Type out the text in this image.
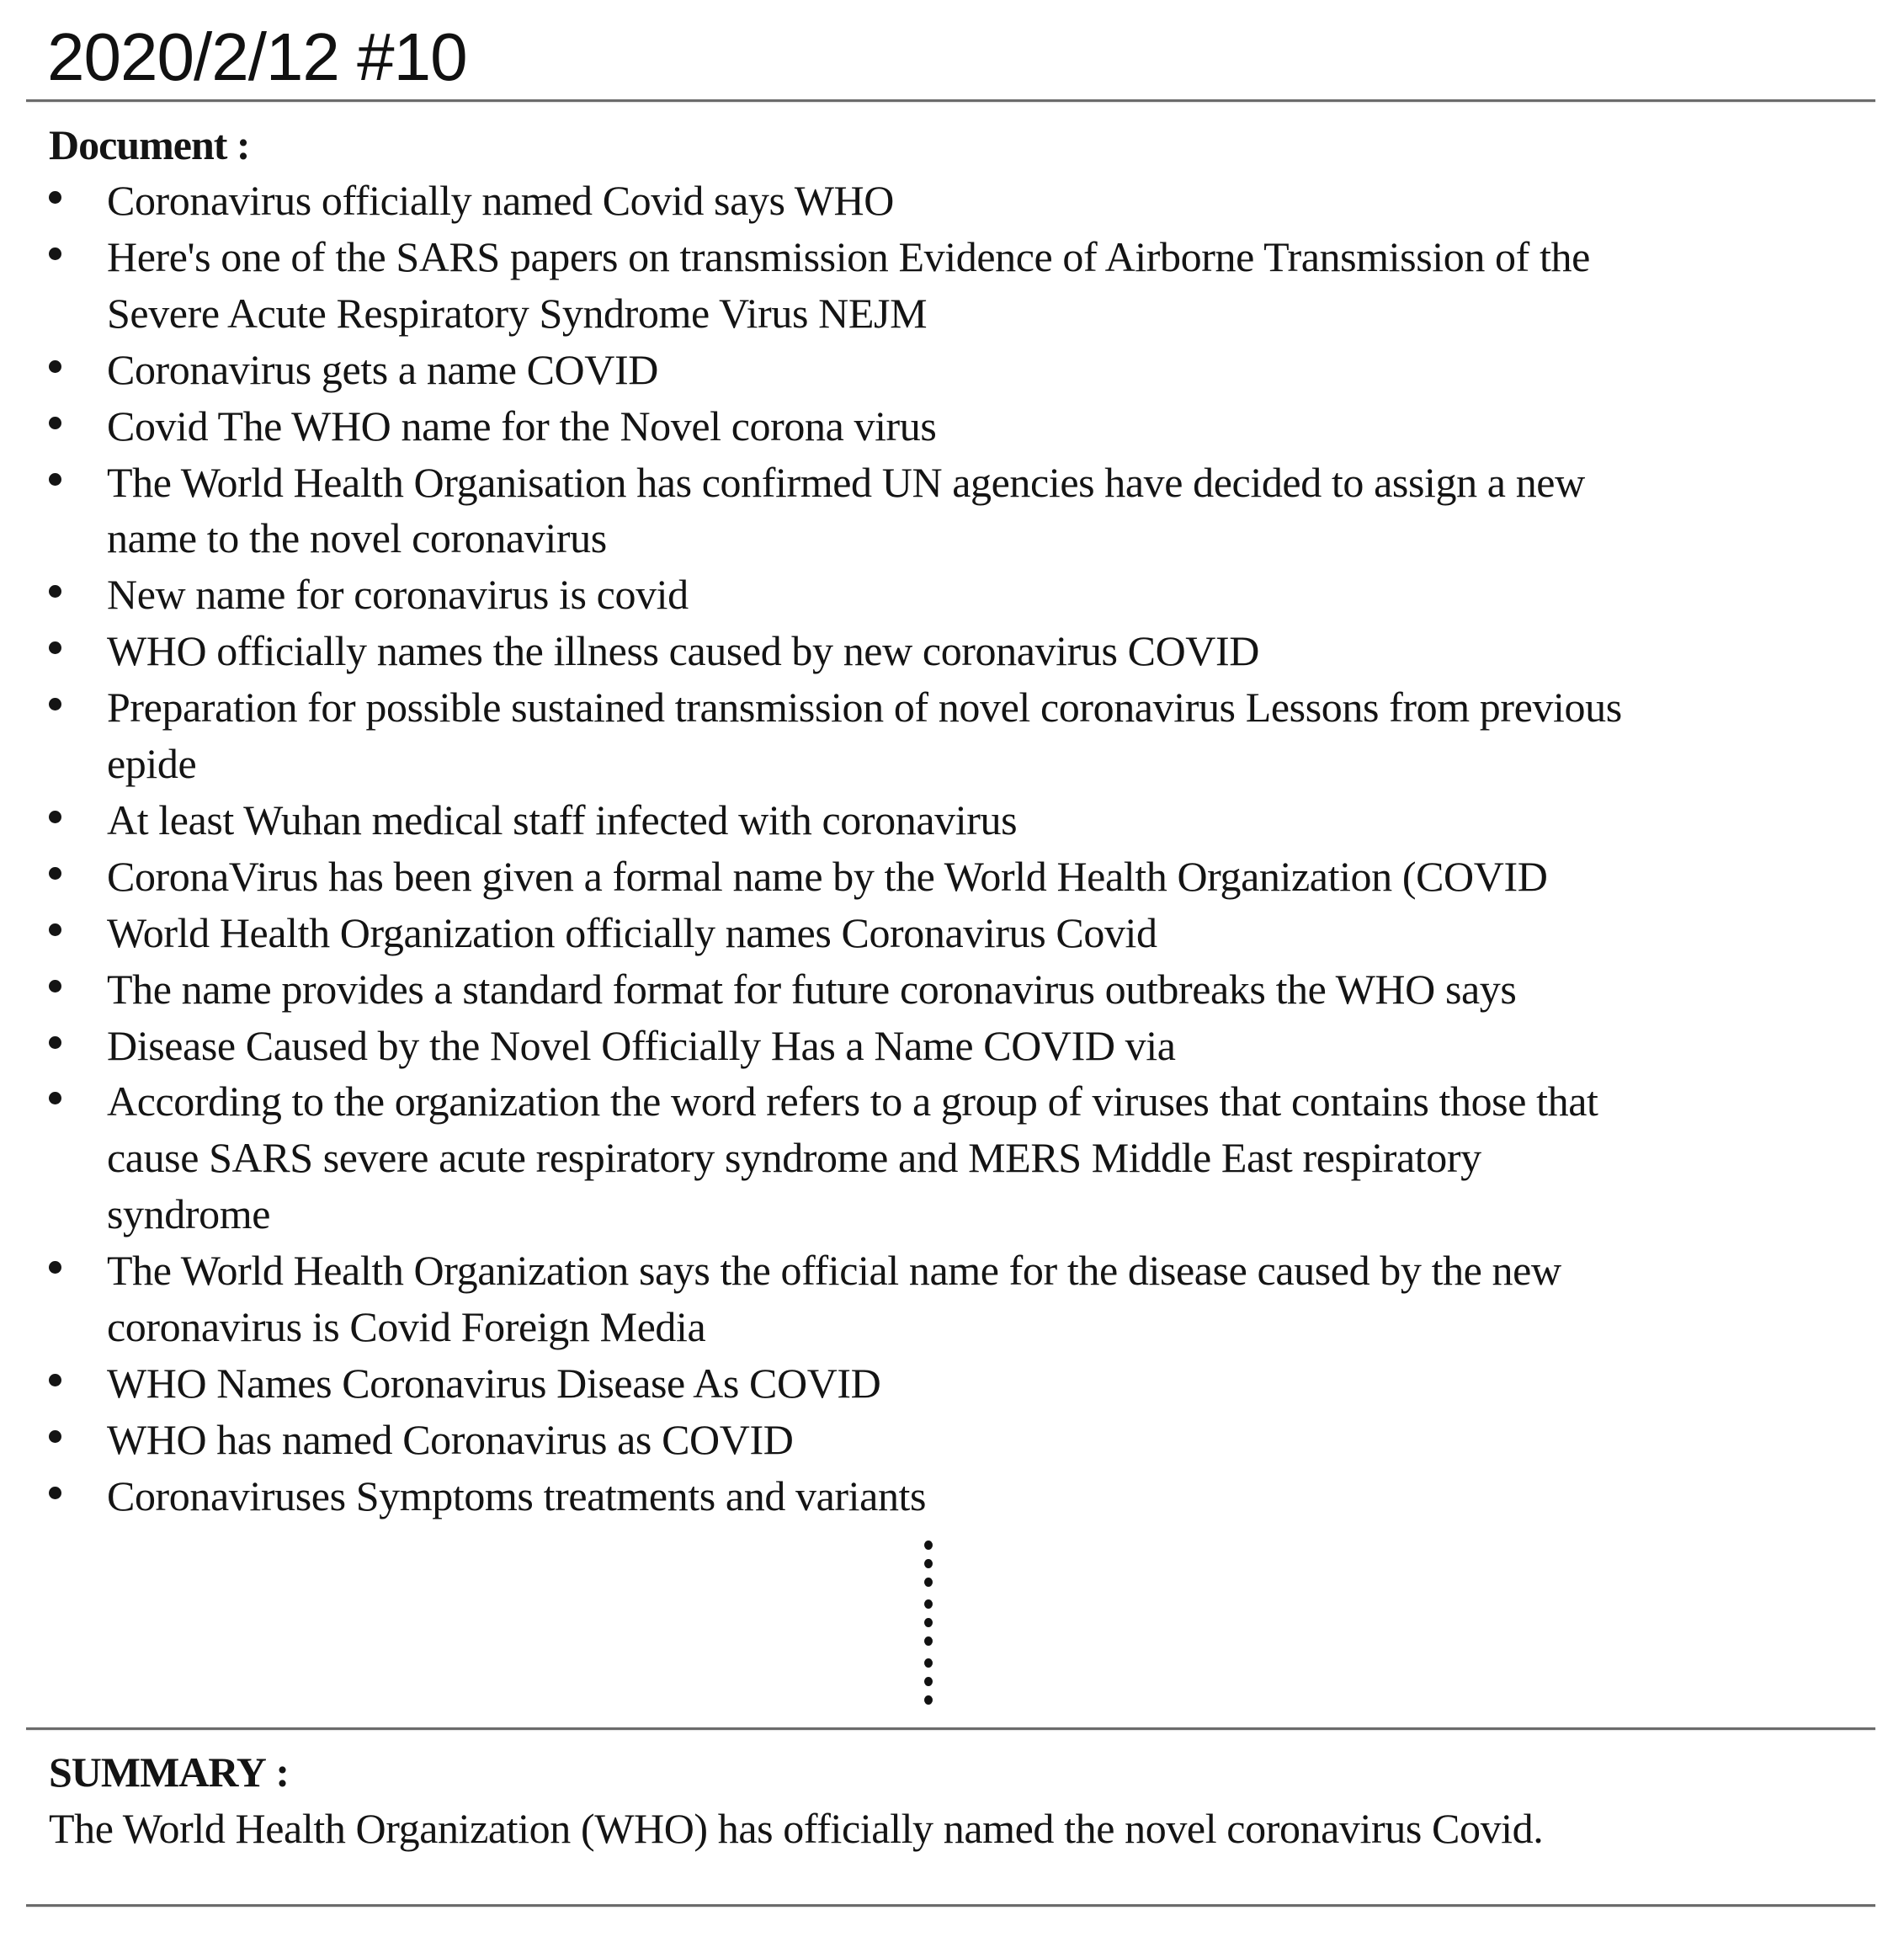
2020/2/12 #10
Document :
Coronavirus officially named Covid says WHO
Here's one of the SARS papers on transmission Evidence of Airborne Transmission of the
Severe Acute Respiratory Syndrome Virus NEJM
Coronavirus gets a name COVID
Covid The WHO name for the Novel corona virus
The World Health Organisation has confirmed UN agencies have decided to assign a new
name to the novel coronavirus
New name for coronavirus is covid
WHO officially names the illness caused by new coronavirus COVID
Preparation for possible sustained transmission of novel coronavirus Lessons from previous
epide
At least Wuhan medical staff infected with coronavirus
CoronaVirus has been given a formal name by the World Health Organization (COVID
World Health Organization officially names Coronavirus Covid
The name provides a standard format for future coronavirus outbreaks the WHO says
Disease Caused by the Novel Officially Has a Name COVID via
According to the organization the word refers to a group of viruses that contains those that
cause SARS severe acute respiratory syndrome and MERS Middle East respiratory
syndrome
The World Health Organization says the official name for the disease caused by the new
coronavirus is Covid Foreign Media
WHO Names Coronavirus Disease As COVID
WHO has named Coronavirus as COVID
Coronaviruses Symptoms treatments and variants
SUMMARY :
The World Health Organization (WHO) has officially named the novel coronavirus Covid.
